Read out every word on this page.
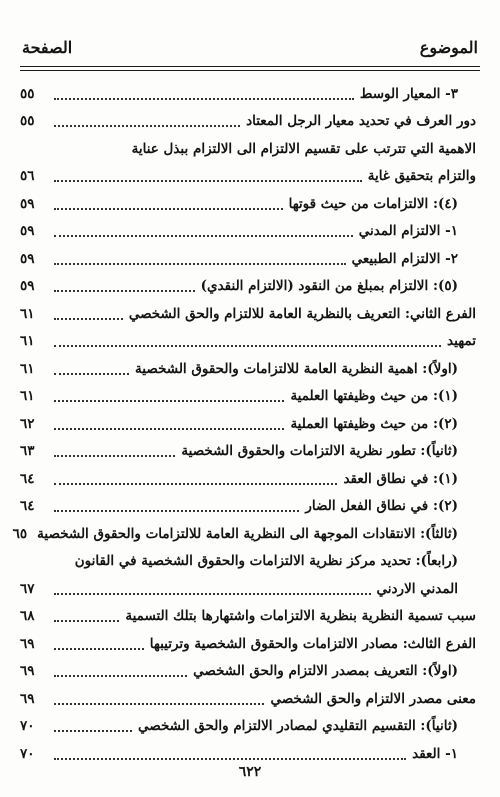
الموضوع
الصفحة
٣- المعيار الوسط
٥٥
دور العرف في تحديد معيار الرجل المعتاد
٥٥
الاهمية التي تترتب على تقسيم الالتزام الى الالتزام ببذل عناية
والتزام بتحقيق غاية
٥٦
(٤): الالتزامات من حيث قوتها
٥٩
١- الالتزام المدني
٥٩
٢- الالتزام الطبيعي
٥٩
(٥): الالتزام بمبلغ من النقود (الالتزام النقدي)
٥٩
الفرع الثاني: التعريف بالنظرية العامة للالتزام والحق الشخصي
٦١
تمهيد
٦١
(اولاً): اهمية النظرية العامة للالتزامات والحقوق الشخصية
٦١
(١): من حيث وظيفتها العلمية
٦١
(٢): من حيث وظيفتها العملية
٦٢
(ثانياً): تطور نظرية الالتزامات والحقوق الشخصية
٦٣
(١): في نطاق العقد
٦٤
(٢): في نطاق الفعل الضار
٦٤
(ثالثاً): الانتقادات الموجهة الى النظرية العامة للالتزامات والحقوق الشخصية
٦٥
(رابعاً): تحديد مركز نظرية الالتزامات والحقوق الشخصية في القانون
المدني الاردني
٦٧
سبب تسمية النظرية بنظرية الالتزامات واشتهارها بتلك التسمية
٦٨
الفرع الثالث: مصادر الالتزامات والحقوق الشخصية وترتيبها
٦٩
(اولاً): التعريف بمصدر الالتزام والحق الشخصي
٦٩
معنى مصدر الالتزام والحق الشخصي
٦٩
(ثانياً): التقسيم التقليدي لمصادر الالتزام والحق الشخصي
٧٠
١- العقد
٧٠
٦٢٢
